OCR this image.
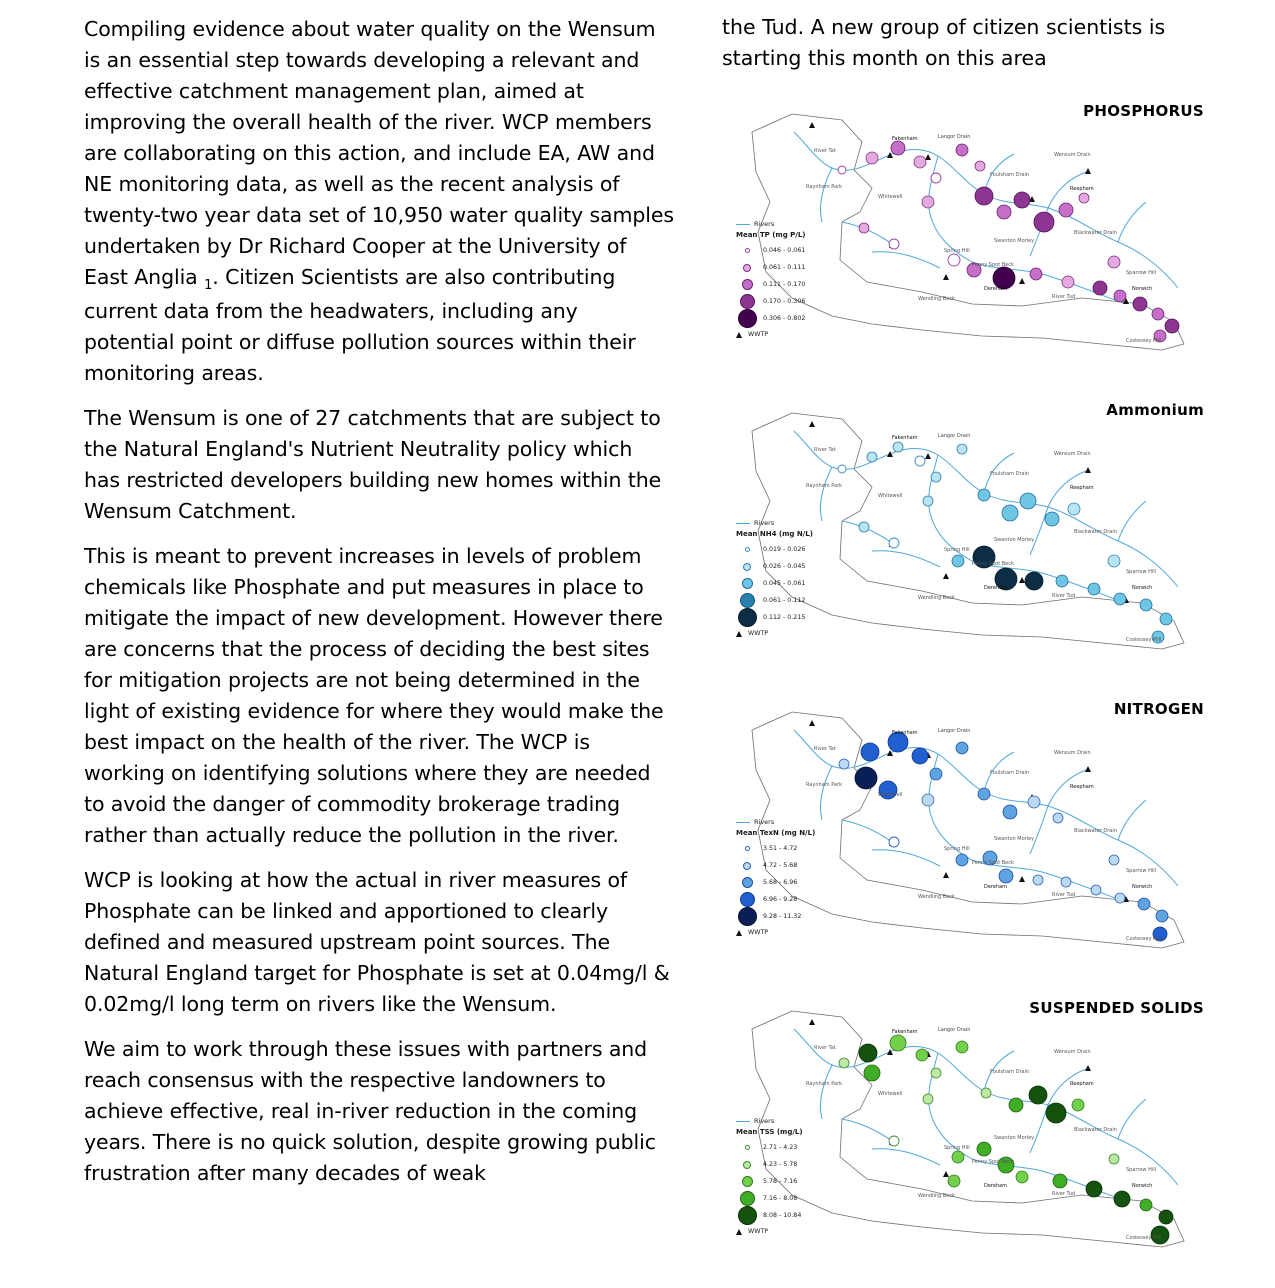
Compiling evidence about water quality on the Wensum is an essential step towards developing a relevant and effective catchment management plan, aimed at improving the overall health of the river. WCP members are collaborating on this action, and include EA, AW and NE monitoring data, as well as the recent analysis of twenty-two year data set of 10,950 water quality samples undertaken by Dr Richard Cooper at the University of East Anglia $_1$. Citizen Scientists are also contributing current data from the headwaters, including any potential point or diffuse pollution sources within their monitoring areas.

The Wensum is one of 27 catchments that are subject to the Natural England's Nutrient Neutrality policy which has restricted developers building new homes within the Wensum Catchment.

This is meant to prevent increases in levels of problem chemicals like Phosphate and put measures in place to mitigate the impact of new development. However there are concerns that the process of deciding the best sites for mitigation projects are not being determined in the light of existing evidence for where they would make the best impact on the health of the river. The WCP is working on identifying solutions where they are needed to avoid the danger of commodity brokerage trading rather than actually reduce the pollution in the river.

WCP is looking at how the actual in river measures of Phosphate can be linked and apportioned to clearly defined and measured upstream point sources. The Natural England target for Phosphate is set at 0.04mg/l & 0.02mg/l long term on rivers like the Wensum.

We aim to work through these issues with partners and reach consensus with the respective landowners to achieve effective, real in-river reduction in the coming years. There is no quick solution, despite growing public frustration after many decades of weak

the Tud. A new group of citizen scientists is starting this month on this area

PHOSPHORUS
Fakenham	Langor Drain
Reepham
Dereham	Norwich
River Tat
Raynham Park
Whitewell
Foulsham Drain
Wensum Drain
Blackwater Drain
Swanton Morley
Spring Hill
Penny Spot Beck
Wendling Beck	River Tud
Sparrow Hill
Costessey Mill
Rivers
Mean TP (mg P/L)
0.046 - 0.061
0.061 - 0.111
0.111 - 0.170
0.170 - 0.306
0.306 - 0.802
WWTP
Ammonium
Fakenham	Langor Drain
Reepham
Dereham	Norwich
River Tat
Raynham Park
Whitewell
Foulsham Drain
Wensum Drain
Blackwater Drain
Swanton Morley
Spring Hill
Penny Spot Beck
Wendling Beck	River Tud
Sparrow Hill
Costessey Mill
Rivers
Mean NH4 (mg N/L)
0.019 - 0.026
0.026 - 0.045
0.045 - 0.061
0.061 - 0.112
0.112 - 0.215
WWTP
NITROGEN
Fakenham	Langor Drain
Reepham
Dereham	Norwich
River Tat
Raynham Park
Whitewell
Foulsham Drain
Wensum Drain
Blackwater Drain
Swanton Morley
Spring Hill
Penny Spot Beck
Wendling Beck	River Tud
Sparrow Hill
Costessey Mill
Rivers
Mean TexN (mg N/L)
3.51 - 4.72
4.72 - 5.68
5.68 - 6.96
6.96 - 9.28
9.28 - 11.32
WWTP
SUSPENDED SOLIDS
Fakenham	Langor Drain
Reepham
Dereham	Norwich
River Tat
Raynham Park
Whitewell
Foulsham Drain
Wensum Drain
Blackwater Drain
Swanton Morley
Spring Hill
Penny Spot Beck
Wendling Beck	River Tud
Sparrow Hill
Costessey Mill
Rivers
Mean TSS (mg/L)
2.71 - 4.23
4.23 - 5.78
5.78 - 7.16
7.16 - 8.08
8.08 - 10.84
WWTP
